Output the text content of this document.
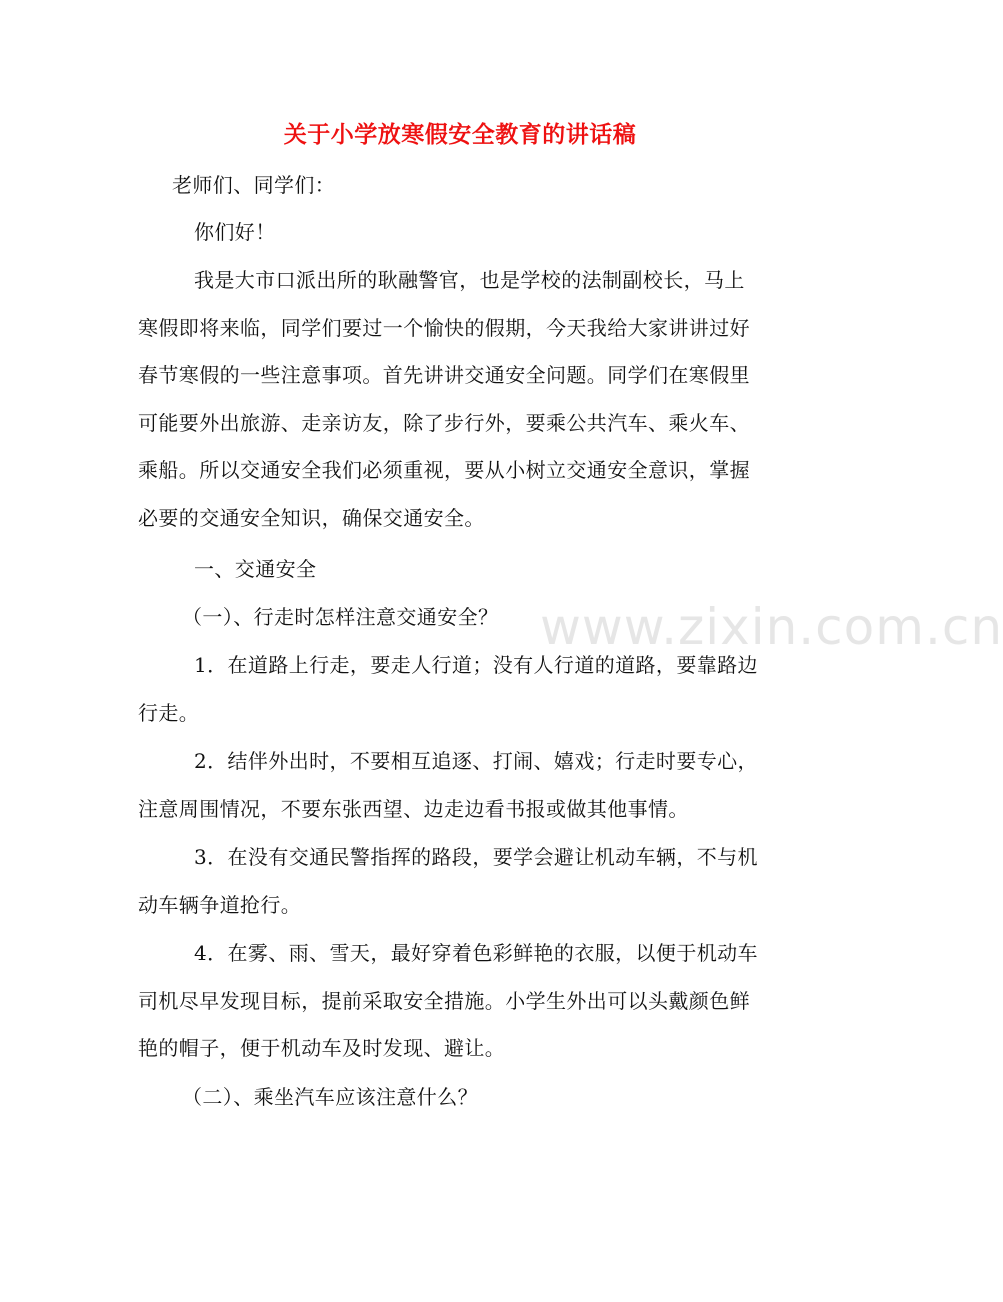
关于小学放寒假安全教育的讲话稿
老师们、同学们：
你们好！
我是大市口派出所的耿融警官，也是学校的法制副校长，马上
寒假即将来临，同学们要过一个愉快的假期，今天我给大家讲讲过好
春节寒假的一些注意事项。首先讲讲交通安全问题。同学们在寒假里
可能要外出旅游、走亲访友，除了步行外，要乘公共汽车、乘火车、
乘船。所以交通安全我们必须重视，要从小树立交通安全意识，掌握
必要的交通安全知识，确保交通安全。
一、交通安全
（一）、行走时怎样注意交通安全？
1．在道路上行走，要走人行道；没有人行道的道路，要靠路边
行走。
2．结伴外出时，不要相互追逐、打闹、嬉戏；行走时要专心，
注意周围情况，不要东张西望、边走边看书报或做其他事情。
3．在没有交通民警指挥的路段，要学会避让机动车辆，不与机
动车辆争道抢行。
4．在雾、雨、雪天，最好穿着色彩鲜艳的衣服，以便于机动车
司机尽早发现目标，提前采取安全措施。小学生外出可以头戴颜色鲜
艳的帽子，便于机动车及时发现、避让。
（二）、乘坐汽车应该注意什么？
www.zixin.com.cn
